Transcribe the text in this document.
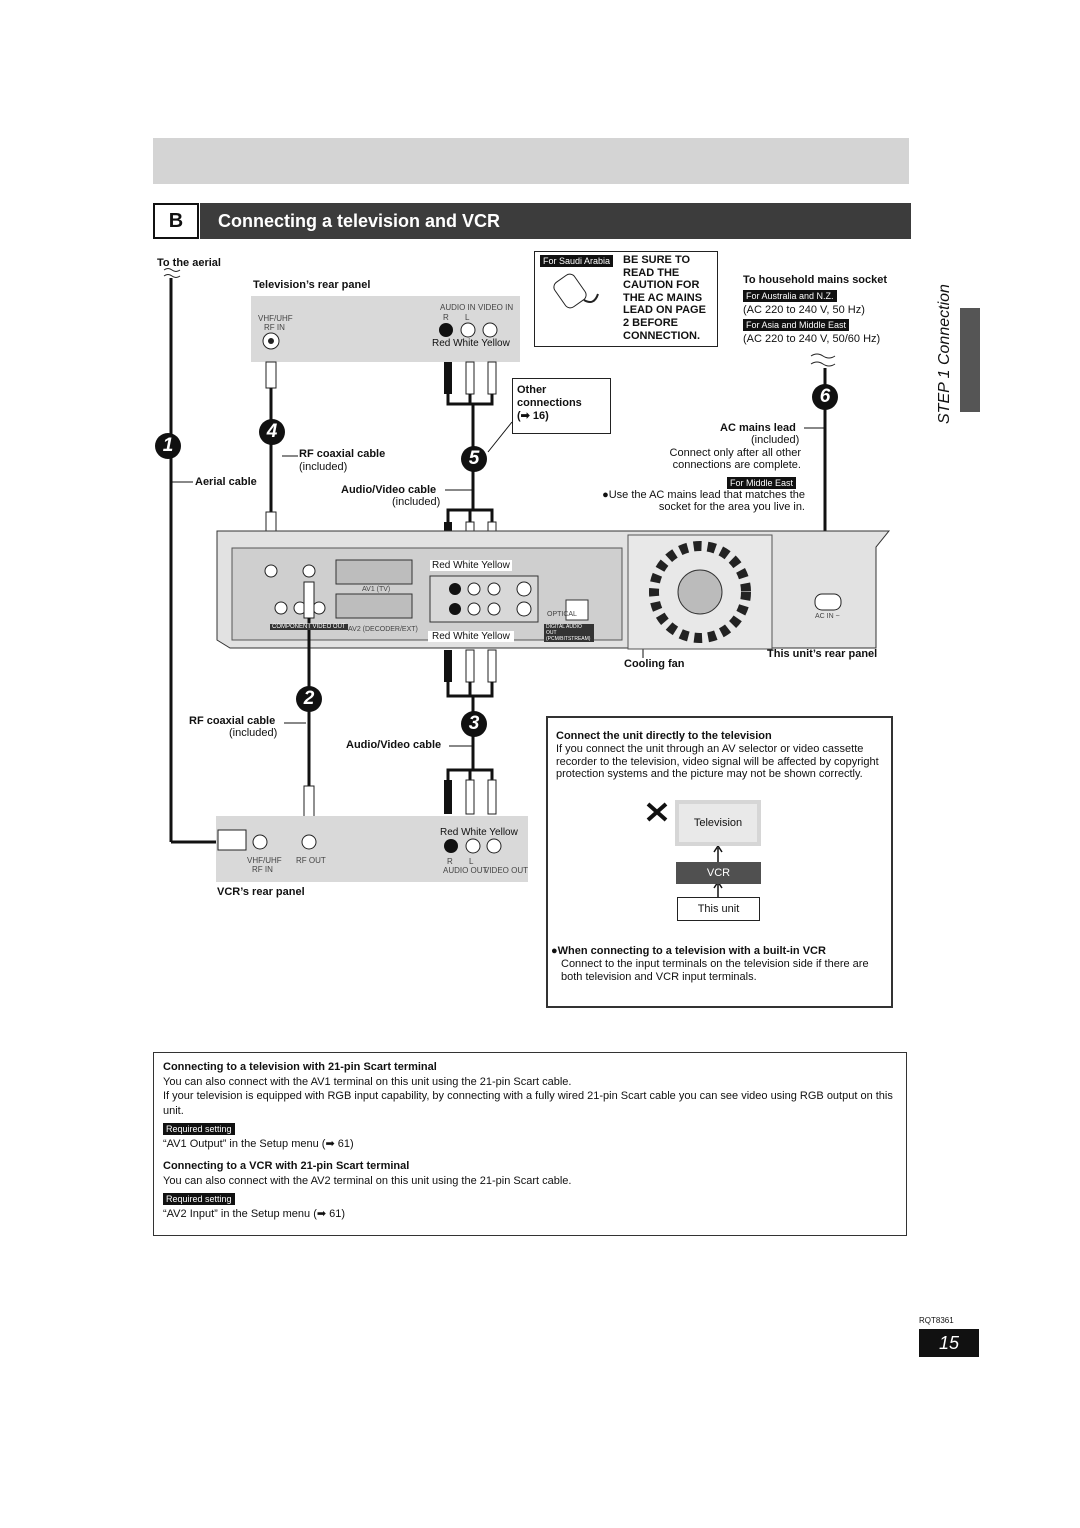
B	Connecting a television and VCR
STEP 1 Connection
1
2
3
4
5
6
To the aerial
Television’s rear panel
VHF/UHF
RF IN
AUDIO IN VIDEO IN
R L
Red White Yellow
Other connections
(➡ 16)
RF coaxial cable
(included)
Aerial cable
Audio/Video cable
(included)
For Saudi Arabia BE SURE TO
READ THE
CAUTION FOR
THE AC MAINS
LEAD ON PAGE
2 BEFORE
CONNECTION.
To household mains socket
For Australia and N.Z.
(AC 220 to 240 V, 50 Hz)
For Asia and Middle East
(AC 220 to 240 V, 50/60 Hz)
AC mains lead
(included)
Connect only after all other
connections are complete.
For Middle East
●Use the AC mains lead that matches the
socket for the area you live in.
Red White Yellow
AV1 (TV)
AV2 (DECODER/EXT)
COMPONENT VIDEO OUT
OPTICAL
DIGITAL AUDIO OUT (PCM/BITSTREAM)
AC IN ~
Red White Yellow
This unit’s rear panel
Cooling fan
RF coaxial cable
(included)
Audio/Video cable
Red White Yellow
VHF/UHF
RF IN
RF OUT	R L
AUDIO OUT
VIDEO OUT
VCR’s rear panel
Connect the unit directly to the television
If you connect the unit through an AV selector or video cassette recorder to the television, video signal will be affected by copyright protection systems and the picture may not be shown correctly.
Television
VCR
This unit
●When connecting to a television with a built-in VCR
Connect to the input terminals on the television side if there are both television and VCR input terminals.

Connecting to a television with 21-pin Scart terminal

You can also connect with the AV1 terminal on this unit using the 21-pin Scart cable.

If your television is equipped with RGB input capability, by connecting with a fully wired 21-pin Scart cable you can see video using RGB output on this unit.

Required setting

“AV1 Output” in the Setup menu (➡ 61)

Connecting to a VCR with 21-pin Scart terminal

You can also connect with the AV2 terminal on this unit using the 21-pin Scart cable.

Required setting

“AV2 Input” in the Setup menu (➡ 61)

RQT8361
15
